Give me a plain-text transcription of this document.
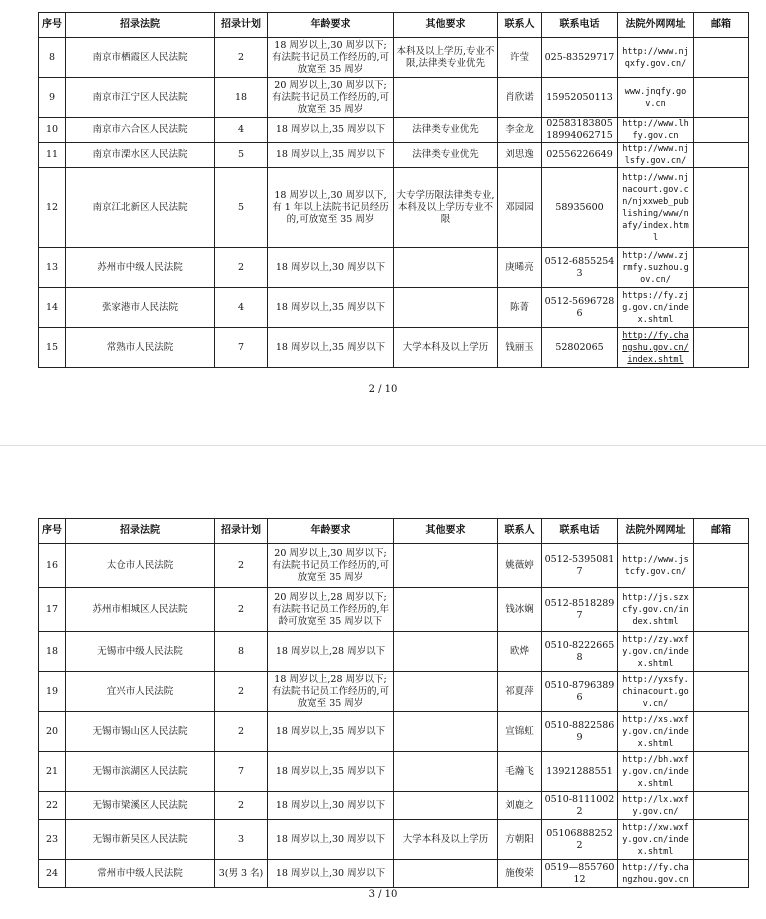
序号	招录法院	招录计划	年龄要求	其他要求	联系人	联系电话	法院外网网址	邮箱
8	南京市栖霞区人民法院	2	18 周岁以上,30 周岁以下;有法院书记员工作经历的,可放宽至 35 周岁	本科及以上学历,专业不限,法律类专业优先	许莹	025-83529717	http://www.njqxfy.gov.cn/	
9	南京市江宁区人民法院	18	20 周岁以上,30 周岁以下;有法院书记员工作经历的,可放宽至 35 周岁		肖欣诺	15952050113	www.jnqfy.gov.cn	
10	南京市六合区人民法院	4	18 周岁以上,35 周岁以下	法律类专业优先	李金龙	02583183805 18994062715	http://www.lhfy.gov.cn	
11	南京市溧水区人民法院	5	18 周岁以上,35 周岁以下	法律类专业优先	刘思逸	02556226649	http://www.njlsfy.gov.cn/	
12	南京江北新区人民法院	5	18 周岁以上,30 周岁以下,有 1 年以上法院书记员经历的,可放宽至 35 周岁	大专学历限法律类专业,本科及以上学历专业不限	邓园园	58935600	http://www.njnacourt.gov.cn/njxxweb_publishing/www/nafy/index.html	
13	苏州市中级人民法院	2	18 周岁以上,30 周岁以下		庚晞亮	0512-68552543	http://www.zjrmfy.suzhou.gov.cn/	
14	张家港市人民法院	4	18 周岁以上,35 周岁以下		陈菁	0512-56967286	https://fy.zjg.gov.cn/index.shtml	
15	常熟市人民法院	7	18 周岁以上,35 周岁以下	大学本科及以上学历	钱丽玉	52802065	http://fy.changshu.gov.cn/index.shtml	
2 / 10
序号	招录法院	招录计划	年龄要求	其他要求	联系人	联系电话	法院外网网址	邮箱
16	太仓市人民法院	2	20 周岁以上,30 周岁以下;有法院书记员工作经历的,可放宽至 35 周岁		姚薇婷	0512-53950817	http://www.jstcfy.gov.cn/	
17	苏州市相城区人民法院	2	20 周岁以上,28 周岁以下;有法院书记员工作经历的,年龄可放宽至 35 周岁以下		钱冰娴	0512-85182897	http://js.szxcfy.gov.cn/index.shtml	
18	无锡市中级人民法院	8	18 周岁以上,28 周岁以下		欧烨	0510-82226658	http://zy.wxfy.gov.cn/index.shtml	
19	宜兴市人民法院	2	18 周岁以上,28 周岁以下;有法院书记员工作经历的,可放宽至 35 周岁		祁夏萍	0510-87963896	http://yxsfy.chinacourt.gov.cn/	
20	无锡市锡山区人民法院	2	18 周岁以上,35 周岁以下		宣锦虹	0510-88225869	http://xs.wxfy.gov.cn/index.shtml	
21	无锡市滨湖区人民法院	7	18 周岁以上,35 周岁以下		毛瀚飞	13921288551	http://bh.wxfy.gov.cn/index.shtml	
22	无锡市梁溪区人民法院	2	18 周岁以上,30 周岁以下		刘鹿之	0510-81110022	http://lx.wxfy.gov.cn/	
23	无锡市新吴区人民法院	3	18 周岁以上,30 周岁以下	大学本科及以上学历	方朝阳	051068882522	http://xw.wxfy.gov.cn/index.shtml	
24	常州市中级人民法院	3(男 3 名)	18 周岁以上,30 周岁以下		施俊荣	0519—85576012	http://fy.changzhou.gov.cn	
3 / 10
